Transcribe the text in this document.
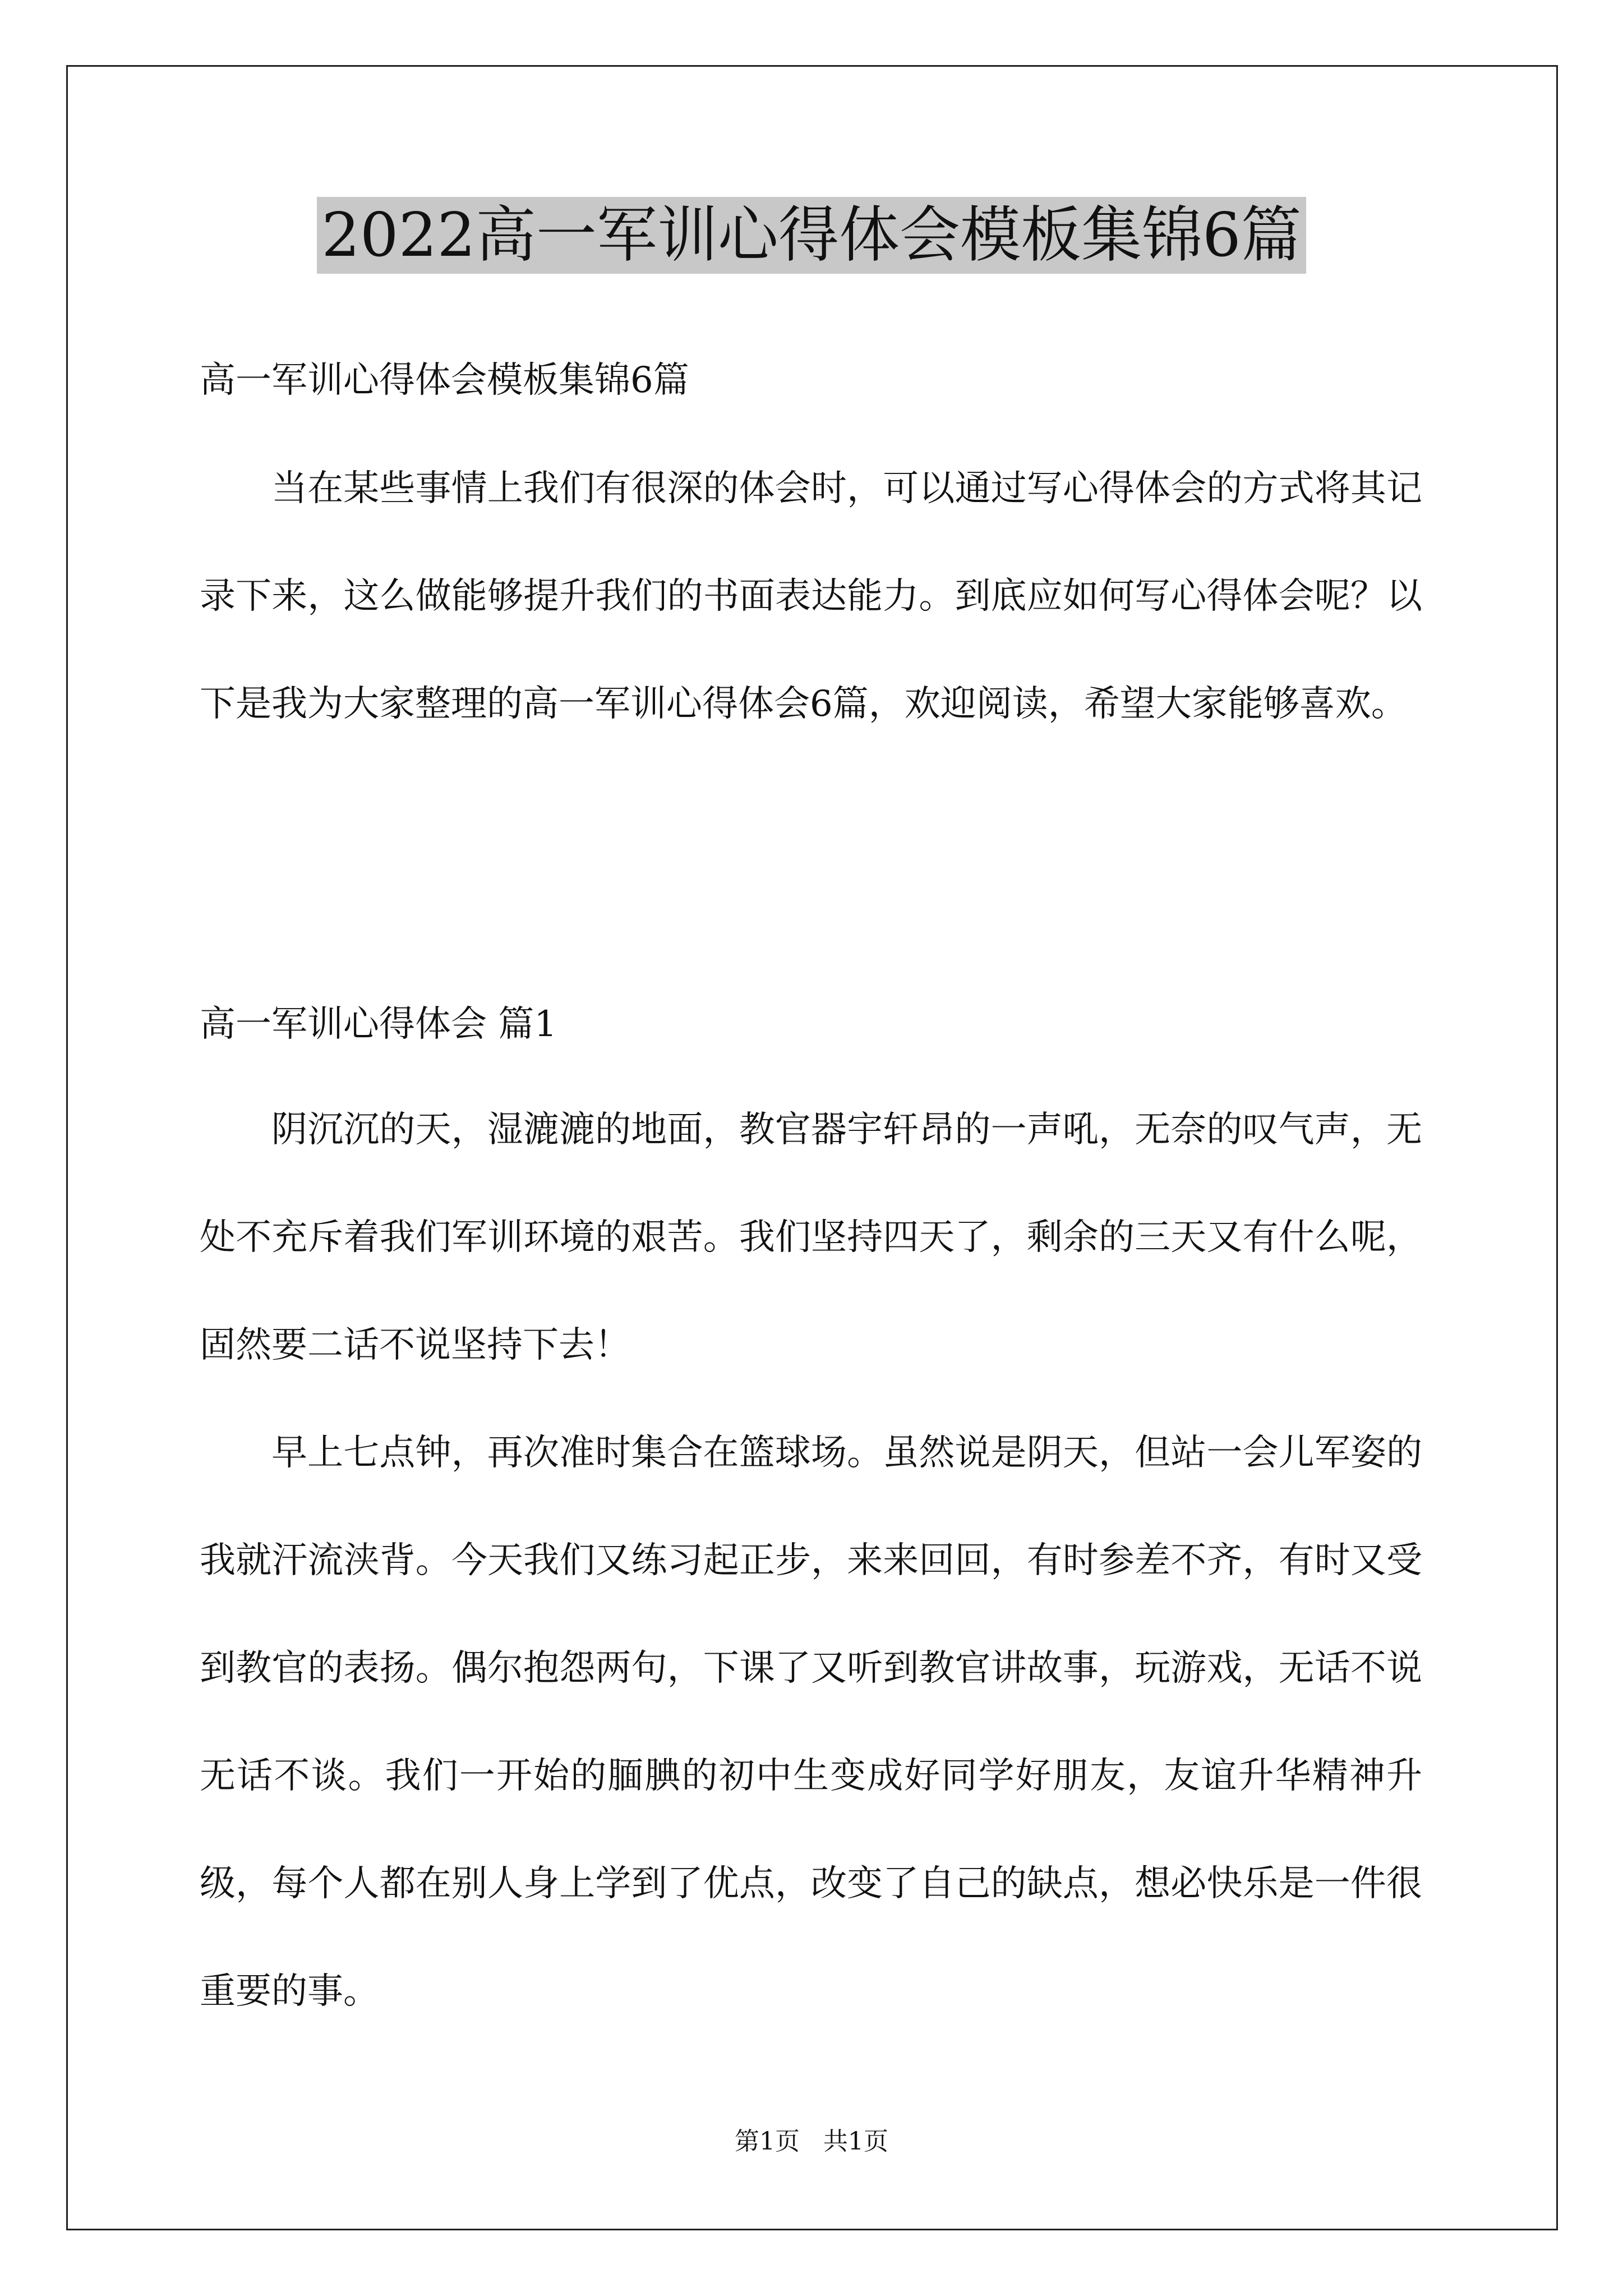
2022高一军训心得体会模板集锦6篇
高一军训心得体会模板集锦6篇

当在某些事情上我们有很深的体会时，可以通过写心得体会的方式将其记录下来，这么做能够提升我们的书面表达能力。到底应如何写心得体会呢？以下是我为大家整理的高一军训心得体会6篇，欢迎阅读，希望大家能够喜欢。

高一军训心得体会 篇1

阴沉沉的天，湿漉漉的地面，教官器宇轩昂的一声吼，无奈的叹气声，无处不充斥着我们军训环境的艰苦。我们坚持四天了，剩余的三天又有什么呢，固然要二话不说坚持下去！

早上七点钟，再次准时集合在篮球场。虽然说是阴天，但站一会儿军姿的我就汗流浃背。今天我们又练习起正步，来来回回，有时参差不齐，有时又受到教官的表扬。偶尔抱怨两句，下课了又听到教官讲故事，玩游戏，无话不说无话不谈。我们一开始的腼腆的初中生变成好同学好朋友，友谊升华精神升级，每个人都在别人身上学到了优点，改变了自己的缺点，想必快乐是一件很重要的事。

第1页   共1页
